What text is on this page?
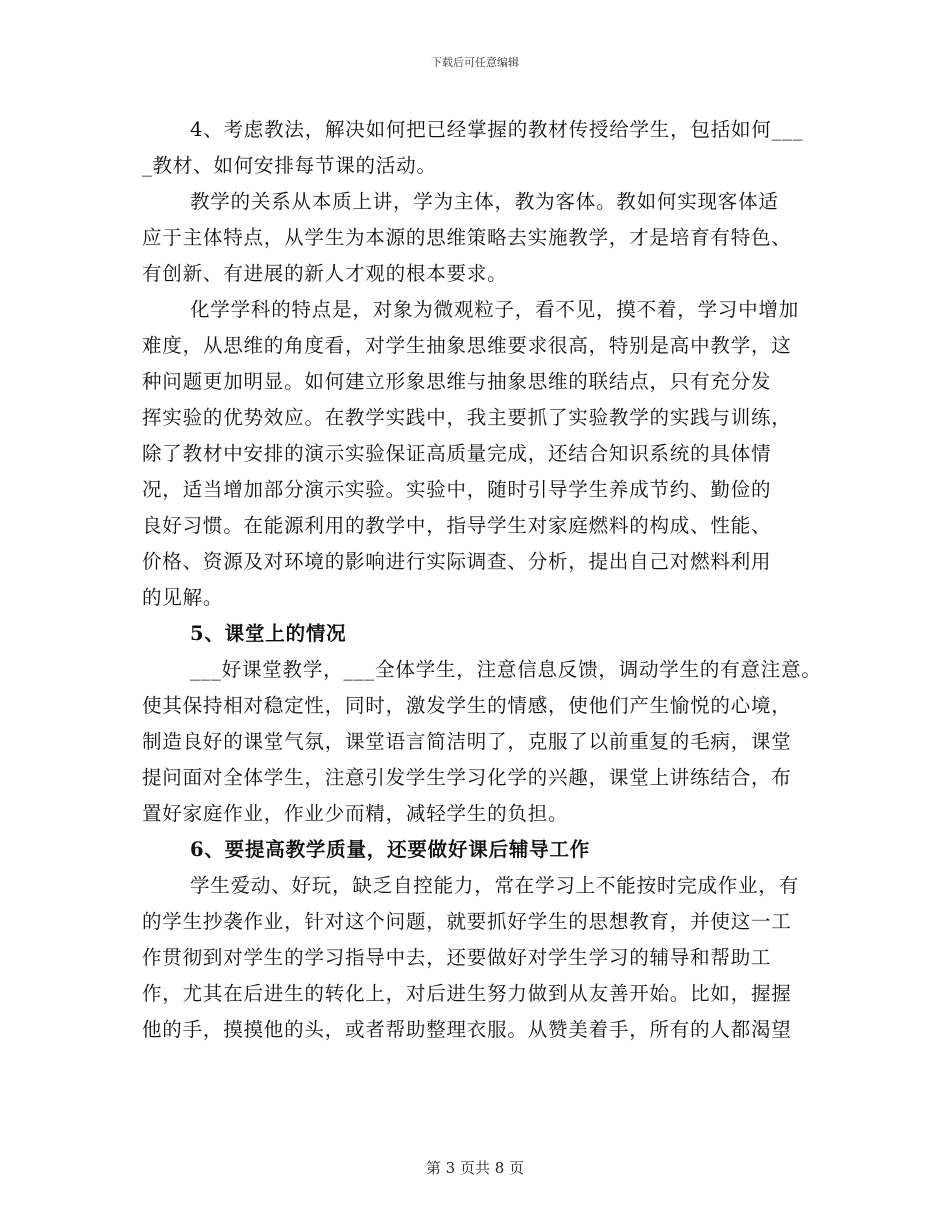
下载后可任意编辑
4、考虑教法，解决如何把已经掌握的教材传授给学生，包括如何___
_教材、如何安排每节课的活动。
教学的关系从本质上讲，学为主体，教为客体。教如何实现客体适
应于主体特点，从学生为本源的思维策略去实施教学，才是培育有特色、
有创新、有进展的新人才观的根本要求。
化学学科的特点是，对象为微观粒子，看不见，摸不着，学习中增加
难度，从思维的角度看，对学生抽象思维要求很高，特别是高中教学，这
种问题更加明显。如何建立形象思维与抽象思维的联结点，只有充分发
挥实验的优势效应。在教学实践中，我主要抓了实验教学的实践与训练，
除了教材中安排的演示实验保证高质量完成，还结合知识系统的具体情
况，适当增加部分演示实验。实验中，随时引导学生养成节约、勤俭的
良好习惯。在能源利用的教学中，指导学生对家庭燃料的构成、性能、
价格、资源及对环境的影响进行实际调查、分析，提出自己对燃料利用
的见解。
5、课堂上的情况
___好课堂教学，___全体学生，注意信息反馈，调动学生的有意注意。
使其保持相对稳定性，同时，激发学生的情感，使他们产生愉悦的心境，
制造良好的课堂气氛，课堂语言简洁明了，克服了以前重复的毛病，课堂
提问面对全体学生，注意引发学生学习化学的兴趣，课堂上讲练结合，布
置好家庭作业，作业少而精，减轻学生的负担。
6、要提高教学质量，还要做好课后辅导工作
学生爱动、好玩，缺乏自控能力，常在学习上不能按时完成作业，有
的学生抄袭作业，针对这个问题，就要抓好学生的思想教育，并使这一工
作贯彻到对学生的学习指导中去，还要做好对学生学习的辅导和帮助工
作，尤其在后进生的转化上，对后进生努力做到从友善开始。比如，握握
他的手，摸摸他的头，或者帮助整理衣服。从赞美着手，所有的人都渴望
第 3 页共 8 页
